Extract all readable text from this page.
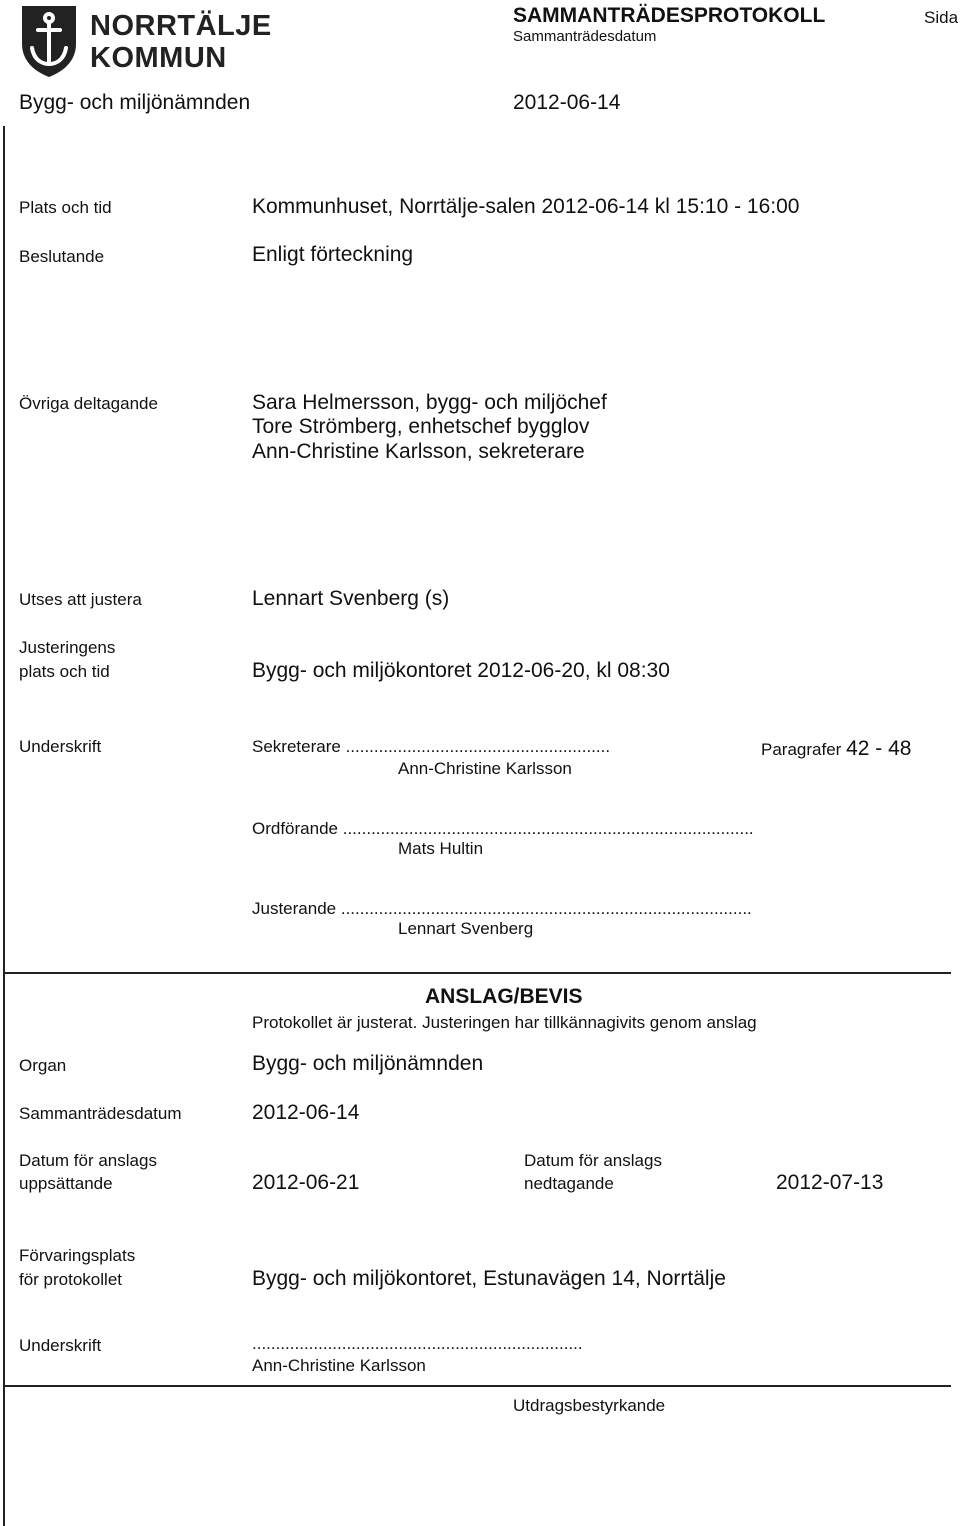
NORRTÄLJE
KOMMUN
SAMMANTRÄDESPROTOKOLL
Sammanträdesdatum
Sida
Bygg- och miljönämnden	2012-06-14
Plats och tid	Kommunhuset, Norrtälje-salen 2012-06-14 kl 15:10 - 16:00
Beslutande	Enligt förteckning
Övriga deltagande	Sara Helmersson, bygg- och miljöchef
Tore Strömberg, enhetschef bygglov
Ann-Christine Karlsson, sekreterare
Utses att justera	Lennart Svenberg (s)
Justeringens
plats och tid	Bygg- och miljökontoret 2012-06-20, kl 08:30
Underskrift	Sekreterare ........................................................	Paragrafer 42 - 48
Ann-Christine Karlsson
Ordförande .......................................................................................
Mats Hultin
Justerande .......................................................................................
Lennart Svenberg
ANSLAG/BEVIS
Protokollet är justerat. Justeringen har tillkännagivits genom anslag
Organ	Bygg- och miljönämnden
Sammanträdesdatum	2012-06-14
Datum för anslags
uppsättande	2012-06-21
Datum för anslags
nedtagande	2012-07-13
Förvaringsplats
för protokollet	Bygg- och miljökontoret, Estunavägen 14, Norrtälje
Underskrift	......................................................................
Ann-Christine Karlsson
Utdragsbestyrkande
